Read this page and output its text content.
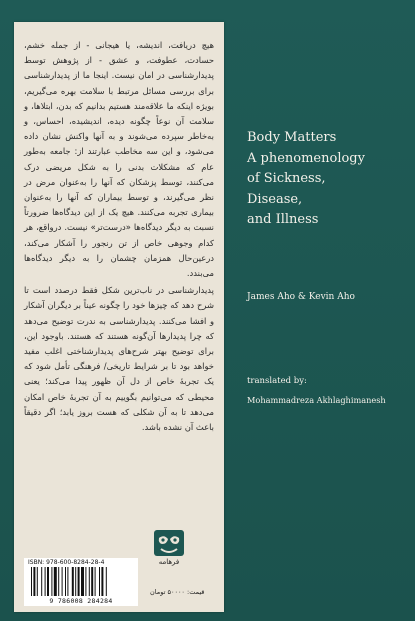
هیچ دریافت، اندیشه، یا هیجانی - از جمله خشم، حسادت، عطوفت، و عشق - از پژوهش توسط پدیدارشناسی در امان نیست. اینجا ما از پدیدارشناسی برای بررسی مسائل مرتبط با سلامت بهره می‌گیریم، بویژه اینکه ما علاقه‌مند هستیم بدانیم که بدن، ابتلاها، و سلامت آن نوعاً چگونه دیده، اندیشیده، احساس، و به‌خاطر سپرده می‌شوند و به آنها واکنش نشان داده می‌شود، و این سه مخاطب عبارتند از: جامعه به‌طور عام که مشکلات بدنی را به شکل مریضی درک می‌کنند، توسط پزشکان که آنها را به‌عنوان مرض در نظر می‌گیرند، و توسط بیماران که آنها را به‌عنوان بیماری تجربه می‌کنند. هیچ یک از این دیدگاه‌ها ضرورتاً نسبت به دیگر دیدگاه‌ها «درست‌تر» نیست. درواقع، هر کدام وجوهی خاص از تن رنجور را آشکار می‌کند، درعین‌حال همزمان چشمان را به دیگر دیدگاه‌ها می‌بندد.

پدیدارشناسی در ناب‌ترین شکل فقط درصدد است تا شرح دهد که چیزها خود را چگونه عیناً بر دیگران آشکار و افشا می‌کنند. پدیدارشناسی به ندرت توضیح می‌دهد که چرا پدیدارها آن‌گونه هستند که هستند. باوجود این، برای توضیح بهتر شرح‌های پدیدارشناختی اغلب مفید خواهد بود تا بر شرایط تاریخی/ فرهنگی تأمل شود که یک تجربهٔ خاص از دل آن ظهور پیدا می‌کند؛ یعنی محیطی که می‌توانیم بگوییم به آن تجربهٔ خاص امکان می‌دهد تا به آن شکلی که هست بروز یابد؛ اگر دقیقاً باعث آن نشده باشد.

فرهامه
ISBN: 978-600-8284-28-4
9 786008 284284
قیمت: ۵۰۰۰۰ تومان
Body Matters
A phenomenology
of Sickness,
Disease,
and Illness
James Aho & Kevin Aho
translated by:
Mohammadreza Akhlaghimanesh
